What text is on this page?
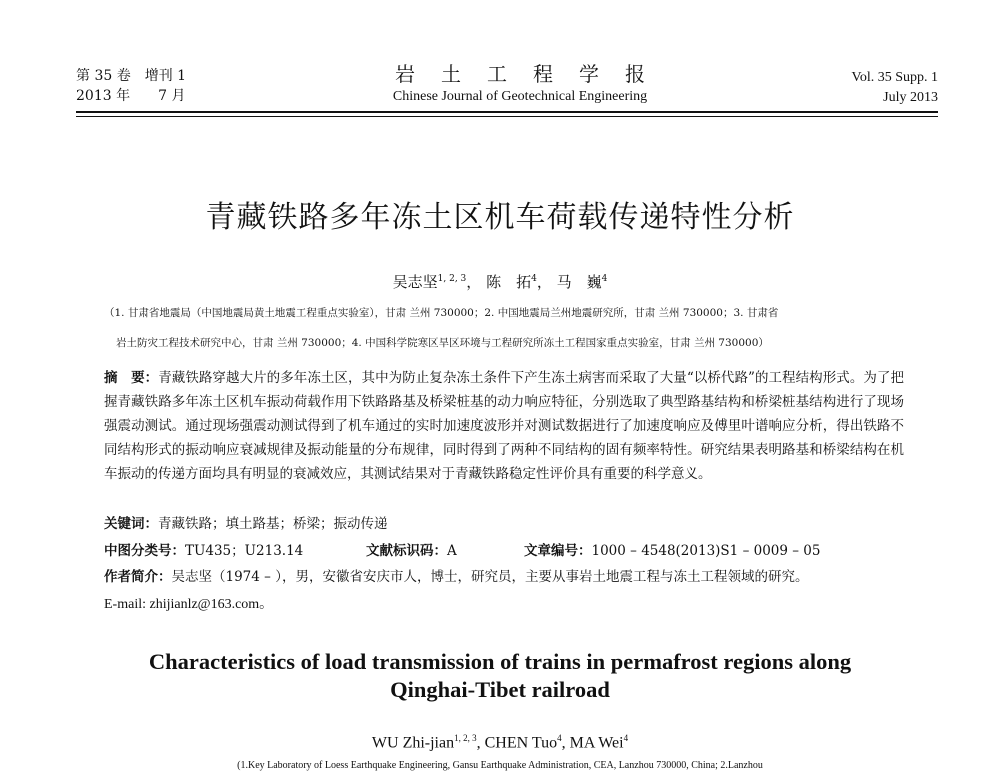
第 35 卷 增刊 1
2013 年 7 月
岩土工程学报
Chinese Journal of Geotechnical Engineering
Vol. 35 Supp. 1
July 2013
青藏铁路多年冻土区机车荷载传递特性分析
吴志坚$^{1, 2, 3}$， 陈　拓$^4$， 马　巍$^4$
（1. 甘肃省地震局（中国地震局黄土地震工程重点实验室），甘肃 兰州 730000；2. 中国地震局兰州地震研究所，甘肃 兰州 730000；3. 甘肃省
岩土防灾工程技术研究中心，甘肃 兰州 730000；4. 中国科学院寒区旱区环境与工程研究所冻土工程国家重点实验室，甘肃 兰州 730000）
摘　要：青藏铁路穿越大片的多年冻土区，其中为防止复杂冻土条件下产生冻土病害而采取了大量“以桥代路”的工程结构形式。为了把握青藏铁路多年冻土区机车振动荷载作用下铁路路基及桥梁桩基的动力响应特征，分别选取了典型路基结构和桥梁桩基结构进行了现场强震动测试。通过现场强震动测试得到了机车通过的实时加速度波形并对测试数据进行了加速度响应及傅里叶谱响应分析，得出铁路不同结构形式的振动响应衰减规律及振动能量的分布规律，同时得到了两种不同结构的固有频率特性。研究结果表明路基和桥梁结构在机车振动的传递方面均具有明显的衰减效应，其测试结果对于青藏铁路稳定性评价具有重要的科学意义。
关键词：青藏铁路；填土路基；桥梁；振动传递
中图分类号：TU435；U213.14	文献标识码：A	文章编号：1000 – 4548(2013)S1 – 0009 – 05
作者简介：吴志坚（1974 – ），男，安徽省安庆市人，博士，研究员，主要从事岩土地震工程与冻土工程领域的研究。
E-mail: zhijianlz@163.com。
Characteristics of load transmission of trains in permafrost regions along
Qinghai-Tibet railroad
WU Zhi-jian$^{1, 2, 3}$, CHEN Tuo$^4$, MA Wei$^4$
(1.Key Laboratory of Loess Earthquake Engineering, Gansu Earthquake Administration, CEA, Lanzhou 730000, China; 2.Lanzhou
